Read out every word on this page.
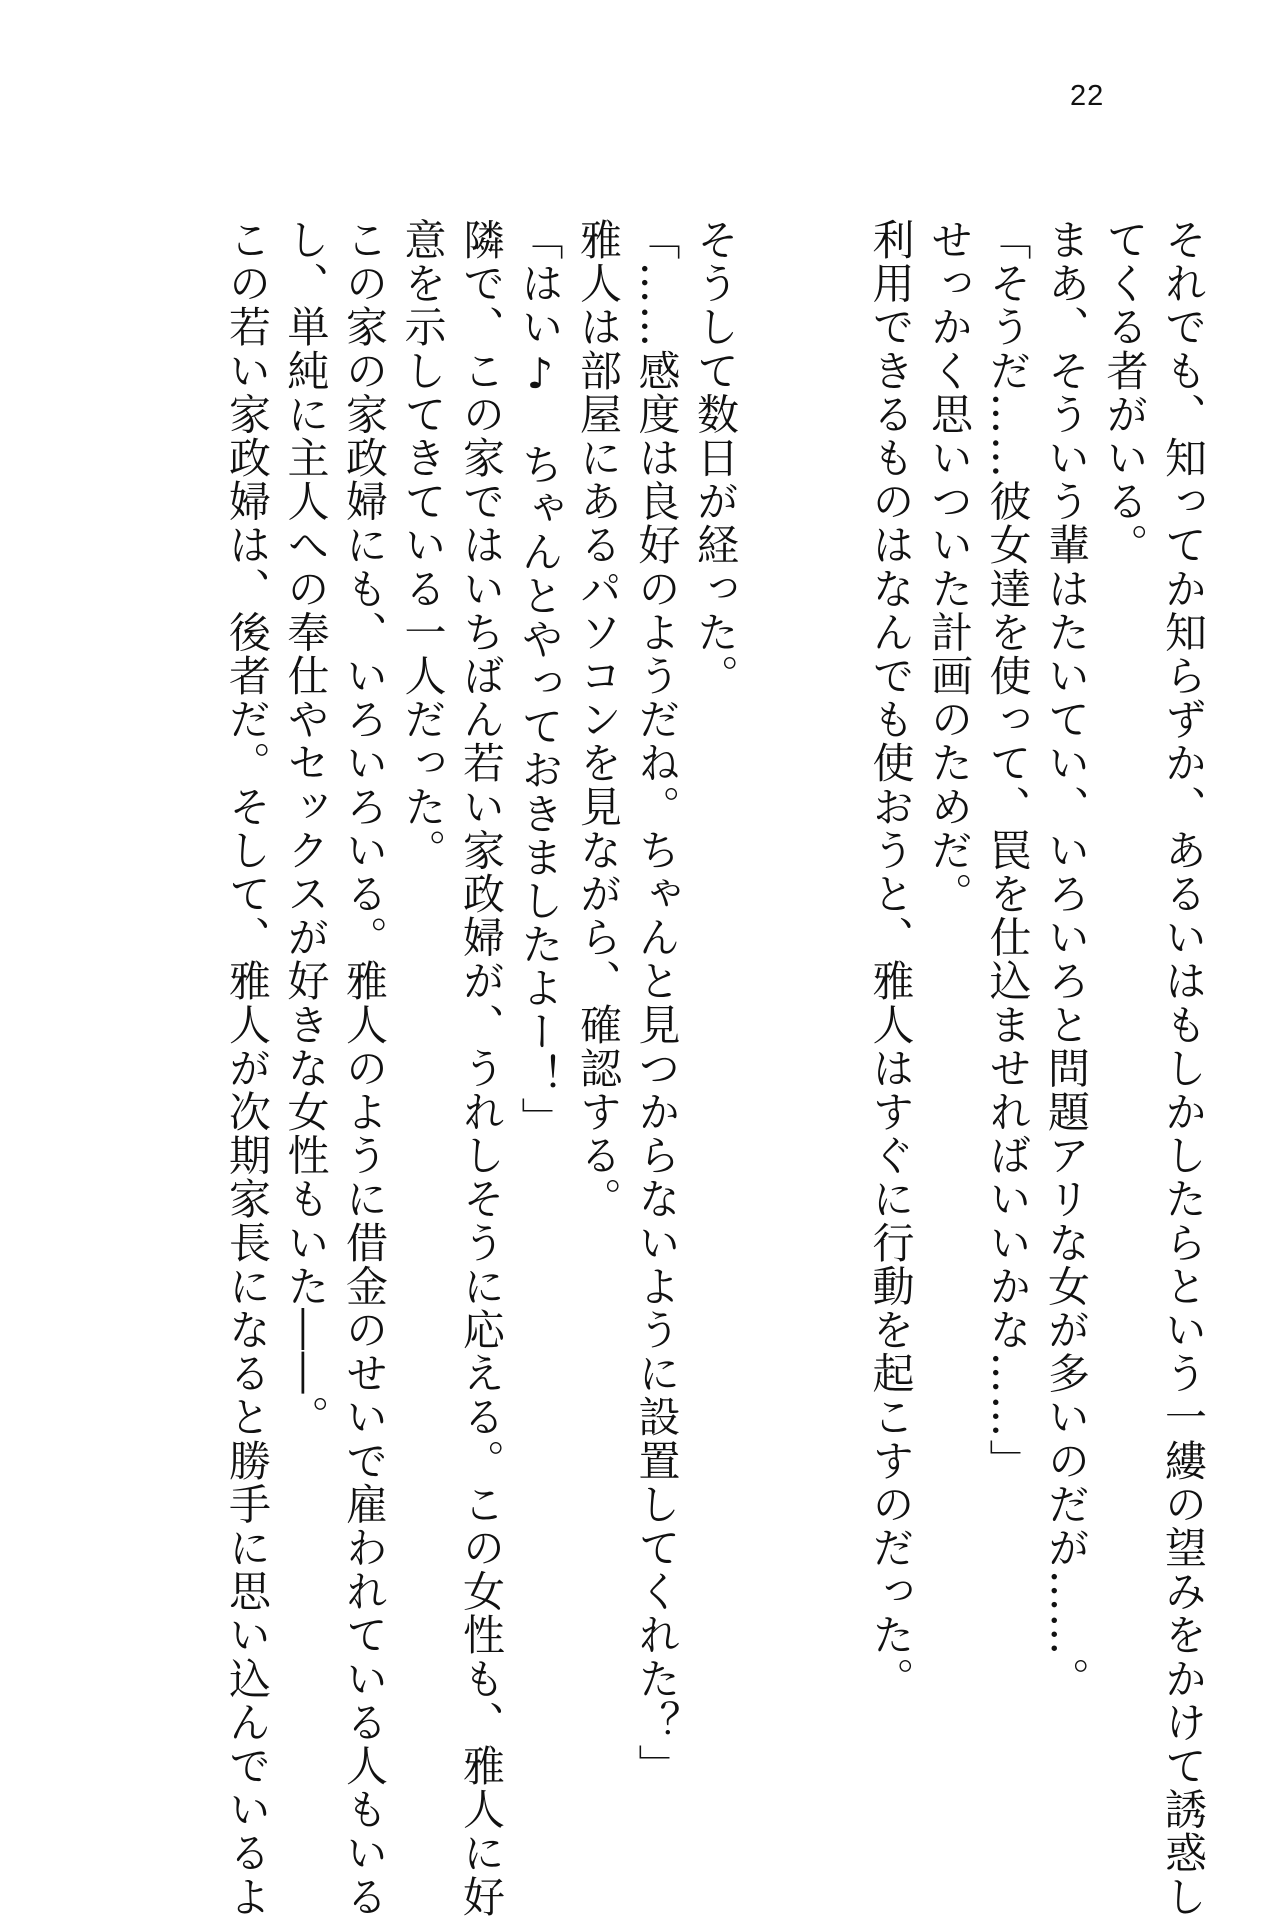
22
それでも、知ってか知らずか、あるいはもしかしたらという一縷の望みをかけて誘惑し
てくる者がいる。
まあ、そういう輩はたいてい、いろいろと問題アリな女が多いのだが……。
「そうだ……彼女達を使って、罠を仕込ませればいいかな……」
せっかく思いついた計画のためだ。
利用できるものはなんでも使おうと、雅人はすぐに行動を起こすのだった。
そうして数日が経った。
「……感度は良好のようだね。ちゃんと見つからないように設置してくれた？」
雅人は部屋にあるパソコンを見ながら、確認する。
「はい♪　ちゃんとやっておきましたよー！」
隣で、この家ではいちばん若い家政婦が、うれしそうに応える。この女性も、雅人に好
意を示してきている一人だった。
この家の家政婦にも、いろいろいる。雅人のように借金のせいで雇われている人もいる
し、単純に主人への奉仕やセックスが好きな女性もいた――。
この若い家政婦は、後者だ。そして、雅人が次期家長になると勝手に思い込んでいるよ
